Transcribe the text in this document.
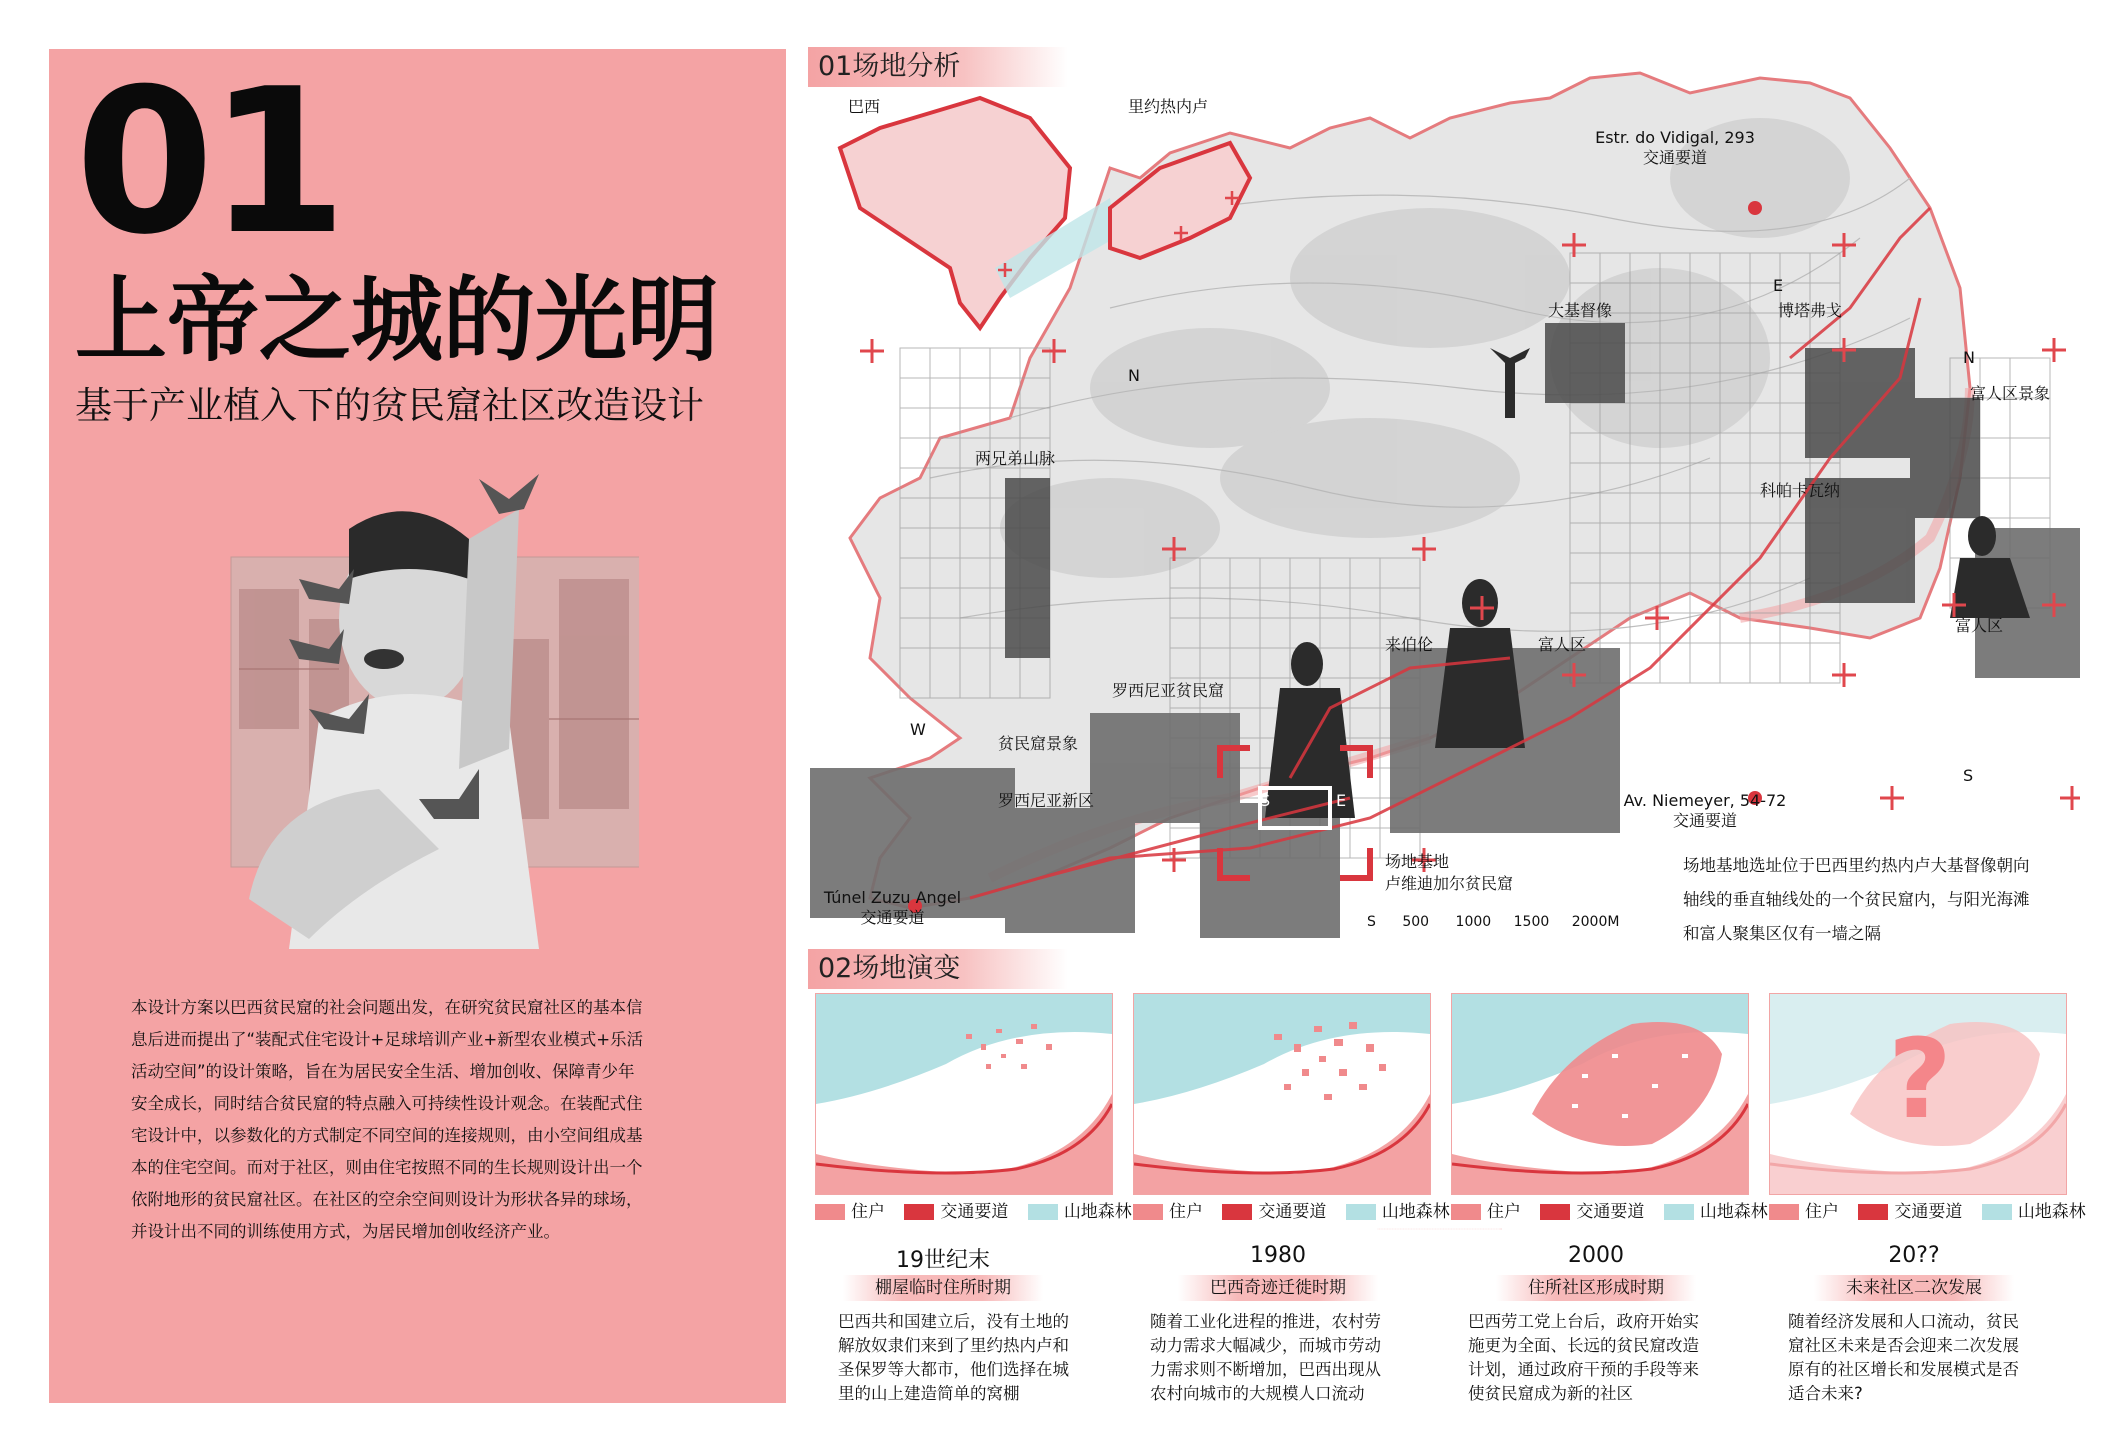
01
上帝之城的光明
基于产业植入下的贫民窟社区改造设计
本设计方案以巴西贫民窟的社会问题出发，在研究贫民窟社区的基本信
息后进而提出了“装配式住宅设计+足球培训产业+新型农业模式+乐活
活动空间”的设计策略，旨在为居民安全生活、增加创收、保障青少年
安全成长，同时结合贫民窟的特点融入可持续性设计观念。在装配式住
宅设计中，以参数化的方式制定不同空间的连接规则，由小空间组成基
本的住宅空间。而对于社区，则由住宅按照不同的生长规则设计出一个
依附地形的贫民窟社区。在社区的空余空间则设计为形状各异的球场，
并设计出不同的训练使用方式，为居民增加创收经济产业。
01场地分析
巴西	里约热内卢
Estr. do Vidigal, 293
交通要道
大基督像	博塔弗戈
富人区景象
两兄弟山脉
科帕卡瓦纳
富人区
来伯伦	富人区
罗西尼亚贫民窟
贫民窟景象
罗西尼亚新区	Av. Niemeyer, 54-72
交通要道
Túnel Zuzu Angel
交通要道
场地基地
卢维迪加尔贫民窟
N
N
S
E
W
S	E
S 500 1000 1500 2000M
场地基地选址位于巴西里约热内卢大基督像朝向
轴线的垂直轴线处的一个贫民窟内，与阳光海滩
和富人聚集区仅有一墙之隔
02场地演变
?
住户	交通要道	山地森林	住户	交通要道	山地森林	住户	交通要道	山地森林	住户	交通要道	山地森林
19世纪末	1980	2000	20??
棚屋临时住所时期	巴西奇迹迁徙时期	住所社区形成时期	未来社区二次发展
巴西共和国建立后，没有土地的
解放奴隶们来到了里约热内卢和
圣保罗等大都市，他们选择在城
里的山上建造简单的窝棚
随着工业化进程的推进，农村劳
动力需求大幅减少，而城市劳动
力需求则不断增加，巴西出现从
农村向城市的大规模人口流动
巴西劳工党上台后，政府开始实
施更为全面、长远的贫民窟改造
计划，通过政府干预的手段等来
使贫民窟成为新的社区
随着经济发展和人口流动，贫民
窟社区未来是否会迎来二次发展
原有的社区增长和发展模式是否
适合未来?
